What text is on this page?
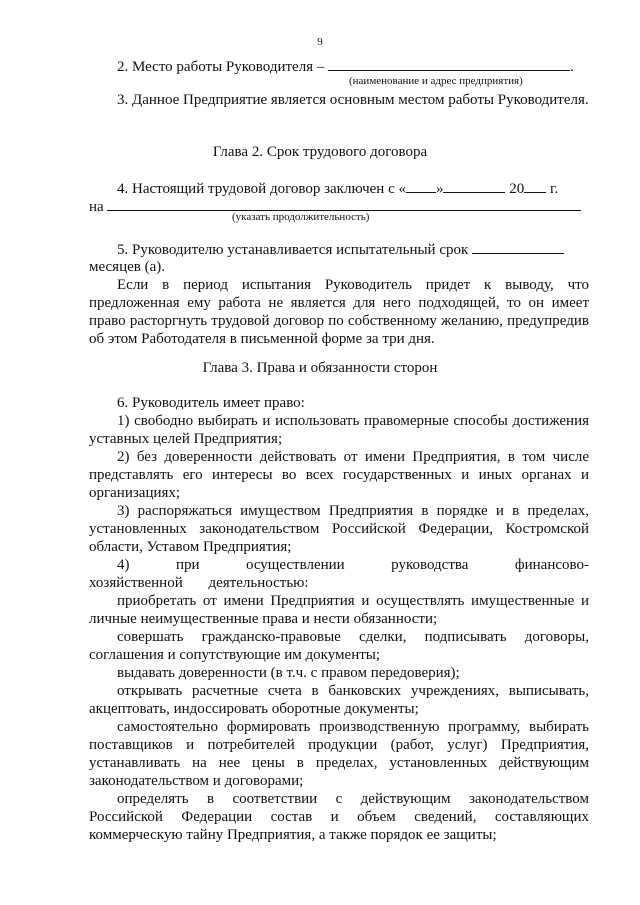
9
2. Место работы Руководителя –	.
(наименование и адрес предприятия)
3. Данное Предприятие является основным местом работы Руководителя.
Глава 2. Срок трудового договора
4. Настоящий трудовой договор заключен с « »	20 г.
на
(указать продолжительность)
5. Руководителю устанавливается испытательный срок
месяцев (а).
Если в период испытания Руководитель придет к выводу, что предложенная ему работа не является для него подходящей, то он имеет право расторгнуть трудовой договор по собственному желанию, предупредив об этом Работодателя в письменной форме за три дня.
Глава 3. Права и обязанности сторон
6. Руководитель имеет право:
1) свободно выбирать и использовать правомерные способы достижения уставных целей Предприятия;
2) без доверенности действовать от имени Предприятия, в том числе представлять его интересы во всех государственных и иных органах и организациях;
3) распоряжаться имуществом Предприятия в порядке и в пределах, установленных законодательством Российской Федерации, Костромской области, Уставом Предприятия;
4) при осуществлении руководства финансово-хозяйственной деятельностью:
приобретать от имени Предприятия и осуществлять имущественные и личные неимущественные права и нести обязанности;
совершать гражданско-правовые сделки, подписывать договоры, соглашения и сопутствующие им документы;
выдавать доверенности (в т.ч. с правом передоверия);
открывать расчетные счета в банковских учреждениях, выписывать, акцептовать, индоссировать оборотные документы;
самостоятельно формировать производственную программу, выбирать поставщиков и потребителей продукции (работ, услуг) Предприятия, устанавливать на нее цены в пределах, установленных действующим законодательством и договорами;
определять в соответствии с действующим законодательством Российской Федерации состав и объем сведений, составляющих коммерческую тайну Предприятия, а также порядок ее защиты;
